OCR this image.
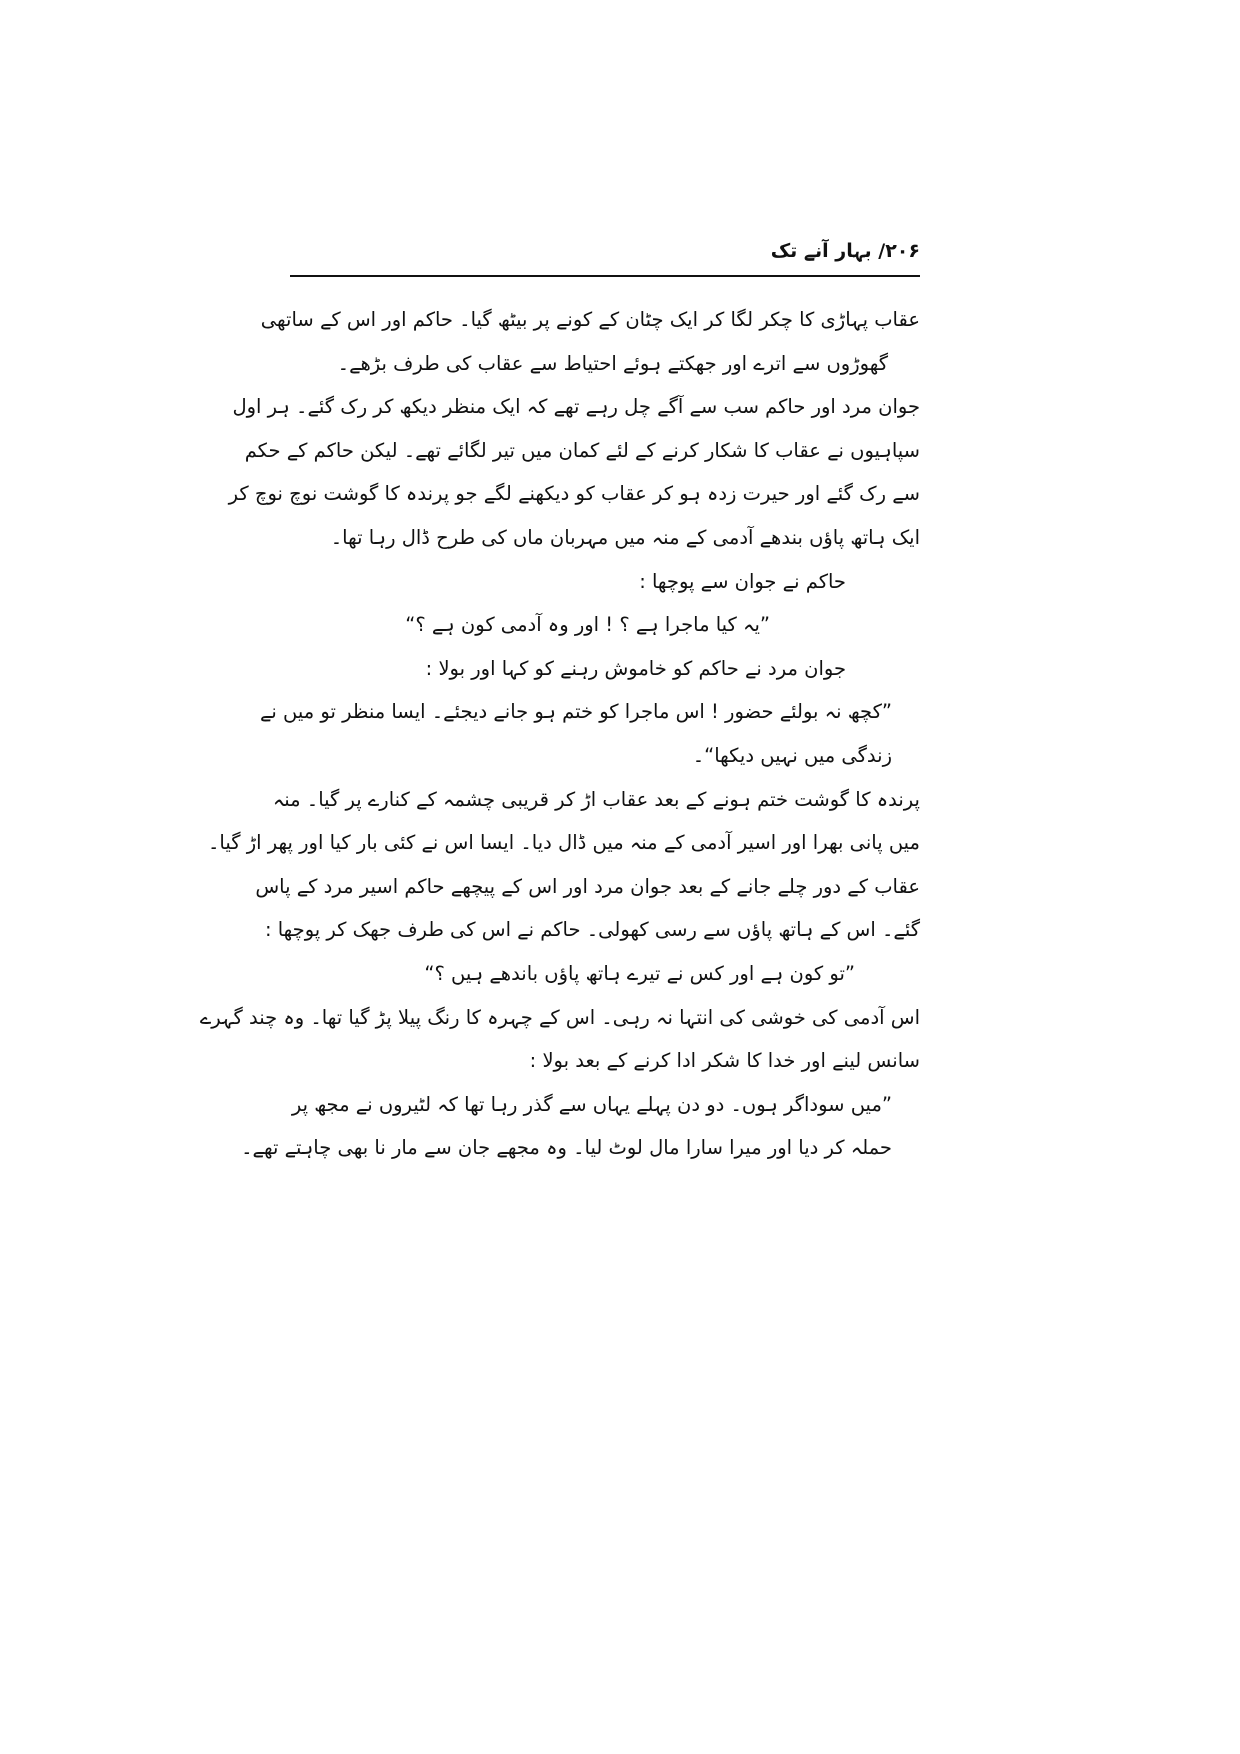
۲۰۶/ بہار آنے تک
عقاب پہاڑی کا چکر لگا کر ایک چٹان کے کونے پر بیٹھ گیا۔ حاکم اور اس کے ساتھی
گھوڑوں سے اترے اور جھکتے ہوئے احتیاط سے عقاب کی طرف بڑھے۔
جوان مرد اور حاکم سب سے آگے چل رہے تھے کہ ایک منظر دیکھ کر رک گئے۔ ہر اول
سپاہیوں نے عقاب کا شکار کرنے کے لئے کمان میں تیر لگائے تھے۔ لیکن حاکم کے حکم
سے رک گئے اور حیرت زدہ ہو کر عقاب کو دیکھنے لگے جو پرندہ کا گوشت نوچ نوچ کر
ایک ہاتھ پاؤں بندھے آدمی کے منہ میں مہربان ماں کی طرح ڈال رہا تھا۔
حاکم نے جوان سے پوچھا :
”یہ کیا ماجرا ہے ؟ ! اور وہ آدمی کون ہے ؟“
جوان مرد نے حاکم کو خاموش رہنے کو کہا اور بولا :
”کچھ نہ بولئے حضور ! اس ماجرا کو ختم ہو جانے دیجئے۔ ایسا منظر تو میں نے
زندگی میں نہیں دیکھا“۔
پرندہ کا گوشت ختم ہونے کے بعد عقاب اڑ کر قریبی چشمہ کے کنارے پر گیا۔ منہ
میں پانی بھرا اور اسیر آدمی کے منہ میں ڈال دیا۔ ایسا اس نے کئی بار کیا اور پھر اڑ گیا۔
عقاب کے دور چلے جانے کے بعد جوان مرد اور اس کے پیچھے حاکم اسیر مرد کے پاس
گئے۔ اس کے ہاتھ پاؤں سے رسی کھولی۔ حاکم نے اس کی طرف جھک کر پوچھا :
”تو کون ہے اور کس نے تیرے ہاتھ پاؤں باندھے ہیں ؟“
اس آدمی کی خوشی کی انتہا نہ رہی۔ اس کے چہرہ کا رنگ پیلا پڑ گیا تھا۔ وہ چند گہرے
سانس لینے اور خدا کا شکر ادا کرنے کے بعد بولا :
”میں سوداگر ہوں۔ دو دن پہلے یہاں سے گذر رہا تھا کہ لٹیروں نے مجھ پر
حملہ کر دیا اور میرا سارا مال لوٹ لیا۔ وہ مجھے جان سے مار نا بھی چاہتے تھے۔
